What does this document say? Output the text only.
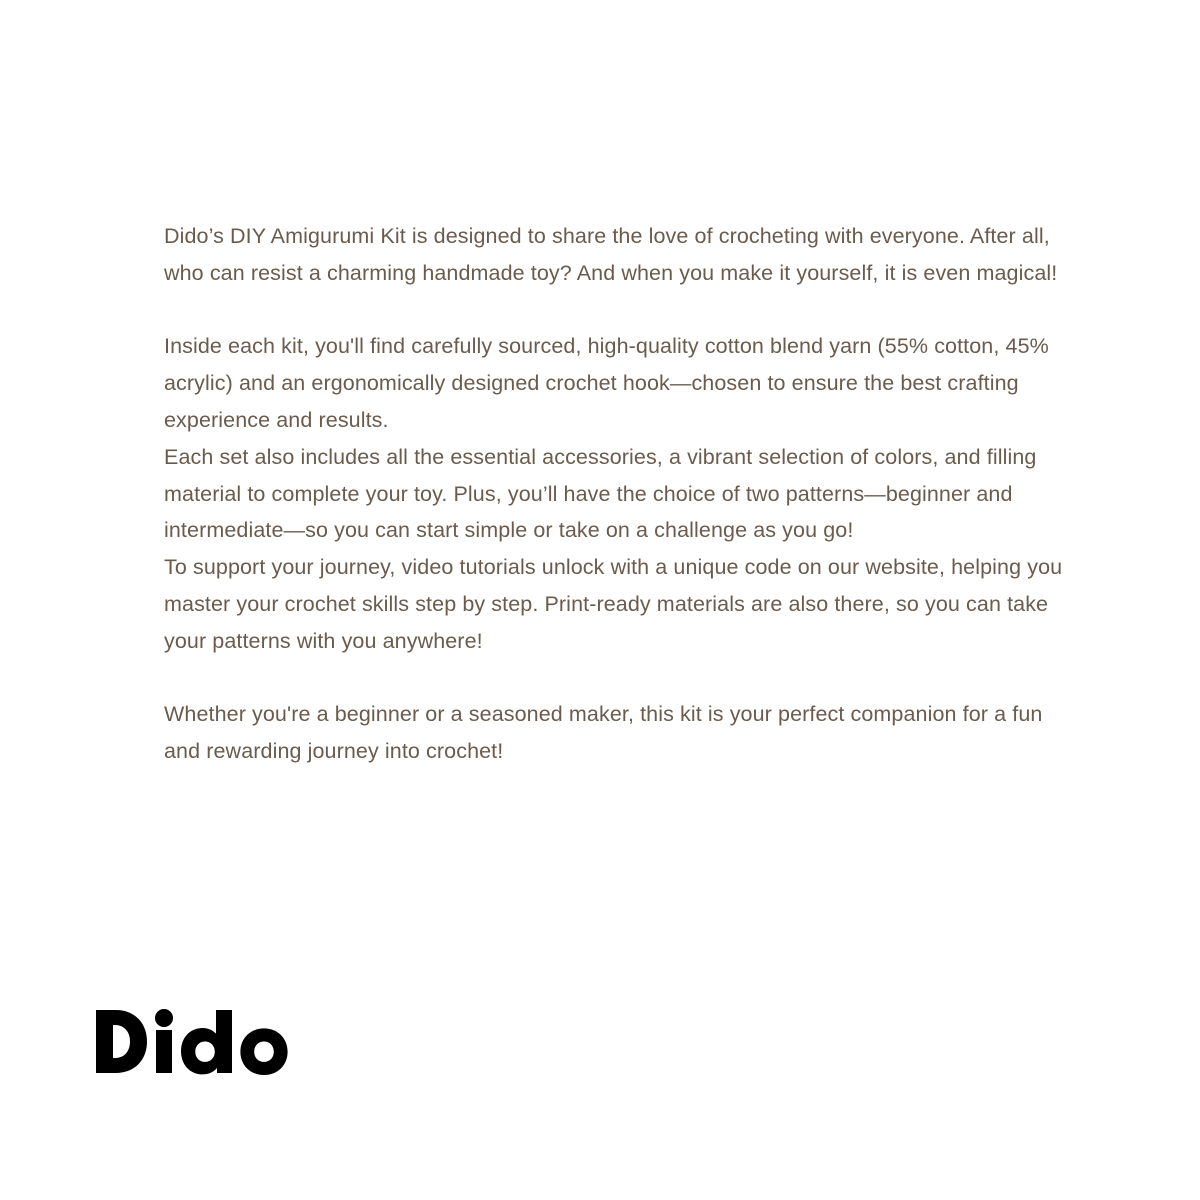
Dido’s DIY Amigurumi Kit is designed to share the love of crocheting with everyone. After all, who can resist a charming handmade toy? And when you make it yourself, it is even magical!

Inside each kit, you'll find carefully sourced, high-quality cotton blend yarn (55% cotton, 45% acrylic) and an ergonomically designed crochet hook—chosen to ensure the best crafting experience and results.

Each set also includes all the essential accessories, a vibrant selection of colors, and filling material to complete your toy. Plus, you’ll have the choice of two patterns—beginner and intermediate—so you can start simple or take on a challenge as you go!

To support your journey, video tutorials unlock with a unique code on our website, helping you master your crochet skills step by step. Print-ready materials are also there, so you can take your patterns with you anywhere!

Whether you're a beginner or a seasoned maker, this kit is your perfect companion for a fun and rewarding journey into crochet!
